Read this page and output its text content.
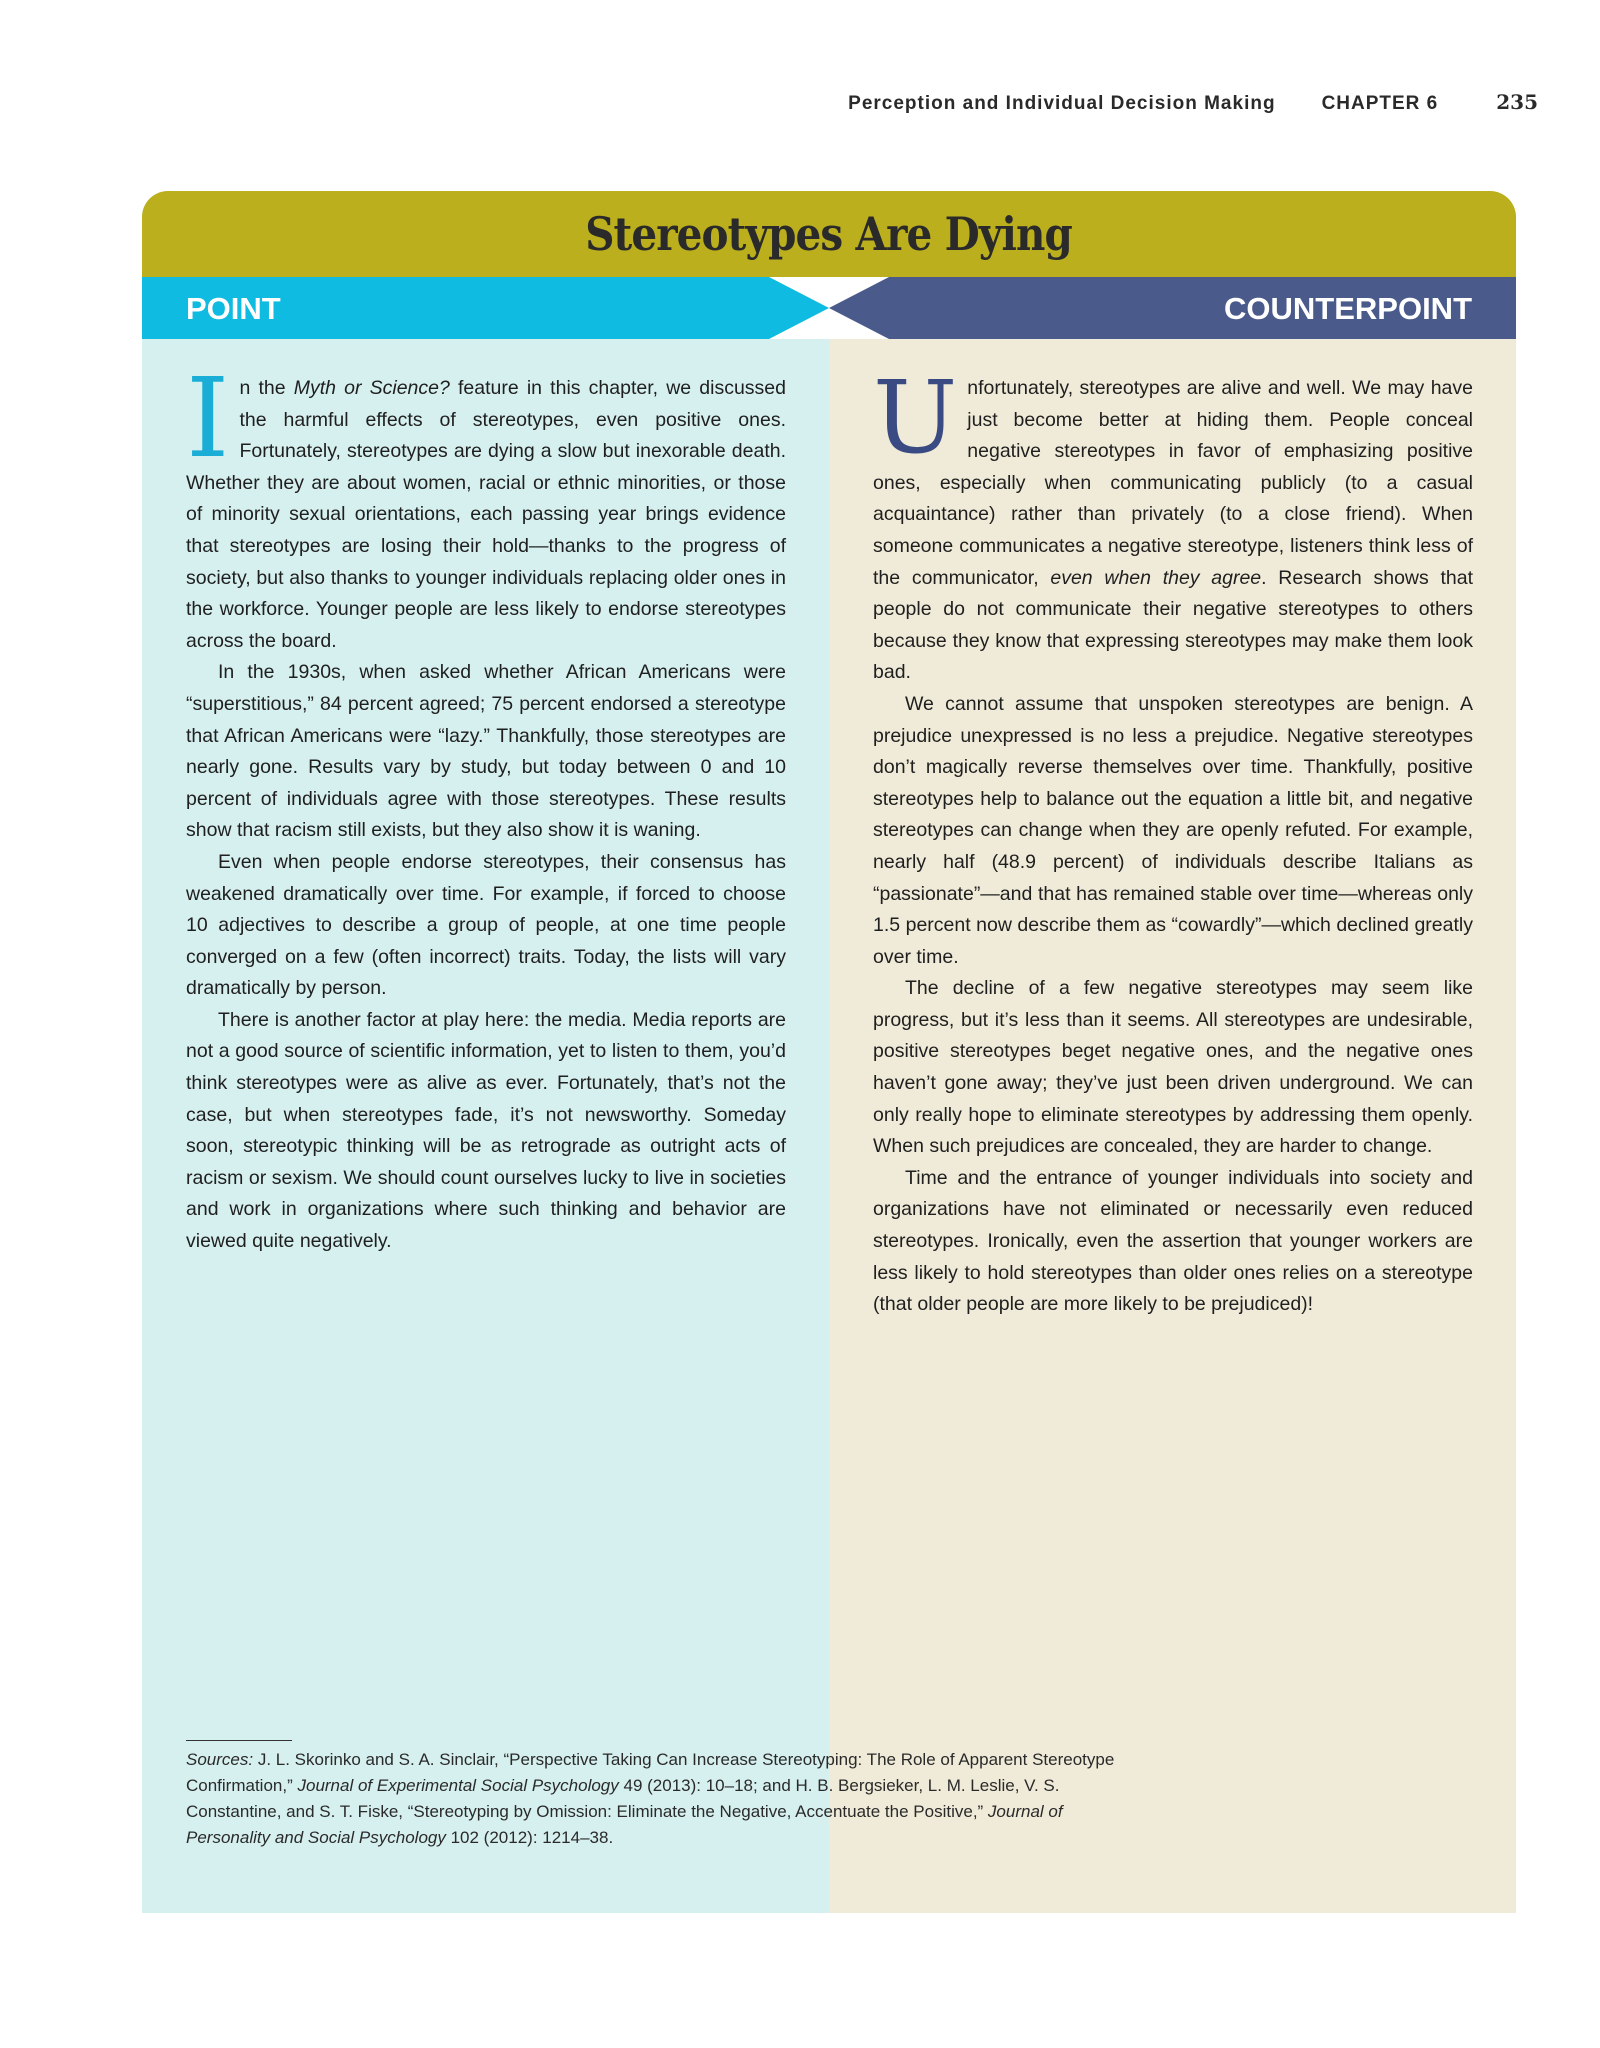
Perception and Individual Decision Making CHAPTER 6	235
Stereotypes Are Dying
POINT	COUNTERPOINT

In the Myth or Science? feature in this chapter, we discussed the harmful effects of stereotypes, even positive ones. Fortunately, stereotypes are dying a slow but inexorable death. Whether they are about women, racial or ethnic minorities, or those of minority sexual orientations, each passing year brings evidence that stereotypes are losing their hold—thanks to the progress of society, but also thanks to younger individuals replacing older ones in the workforce. Younger people are less likely to endorse stereotypes across the board.

In the 1930s, when asked whether African Americans were “superstitious,” 84 percent agreed; 75 percent endorsed a stereotype that African Americans were “lazy.” Thankfully, those stereotypes are nearly gone. Results vary by study, but today between 0 and 10 percent of individuals agree with those stereotypes. These results show that racism still exists, but they also show it is waning.

Even when people endorse stereotypes, their consensus has weakened dramatically over time. For example, if forced to choose 10 adjectives to describe a group of people, at one time people converged on a few (often incorrect) traits. Today, the lists will vary dramatically by person.

There is another factor at play here: the media. Media reports are not a good source of scientific information, yet to listen to them, you’d think stereotypes were as alive as ever. Fortunately, that’s not the case, but when stereotypes fade, it’s not newsworthy. Someday soon, stereotypic thinking will be as retrograde as outright acts of racism or sexism. We should count ourselves lucky to live in societies and work in organizations where such thinking and behavior are viewed quite negatively.

Unfortunately, stereotypes are alive and well. We may have just become better at hiding them. People conceal negative stereotypes in favor of emphasizing positive ones, especially when communicating publicly (to a casual acquaintance) rather than privately (to a close friend). When someone communicates a negative stereotype, listeners think less of the communicator, even when they agree. Research shows that people do not communicate their negative stereotypes to others because they know that expressing stereotypes may make them look bad.

We cannot assume that unspoken stereotypes are benign. A prejudice unexpressed is no less a prejudice. Negative stereotypes don’t magically reverse themselves over time. Thankfully, positive stereotypes help to balance out the equation a little bit, and negative stereotypes can change when they are openly refuted. For example, nearly half (48.9 percent) of individuals describe Italians as “passionate”—and that has remained stable over time—whereas only 1.5 percent now describe them as “cowardly”—which declined greatly over time.

The decline of a few negative stereotypes may seem like progress, but it’s less than it seems. All stereotypes are undesirable, positive stereotypes beget negative ones, and the negative ones haven’t gone away; they’ve just been driven underground. We can only really hope to eliminate stereotypes by addressing them openly. When such prejudices are concealed, they are harder to change.

Time and the entrance of younger individuals into society and organizations have not eliminated or necessarily even reduced stereotypes. Ironically, even the assertion that younger workers are less likely to hold stereotypes than older ones relies on a stereotype (that older people are more likely to be prejudiced)!

Sources: J. L. Skorinko and S. A. Sinclair, “Perspective Taking Can Increase Stereotyping: The Role of Apparent Stereotype Confirmation,” Journal of Experimental Social Psychology 49 (2013): 10–18; and H. B. Bergsieker, L. M. Leslie, V. S. Constantine, and S. T. Fiske, “Stereotyping by Omission: Eliminate the Negative, Accentuate the Positive,” Journal of Personality and Social Psychology 102 (2012): 1214–38.
